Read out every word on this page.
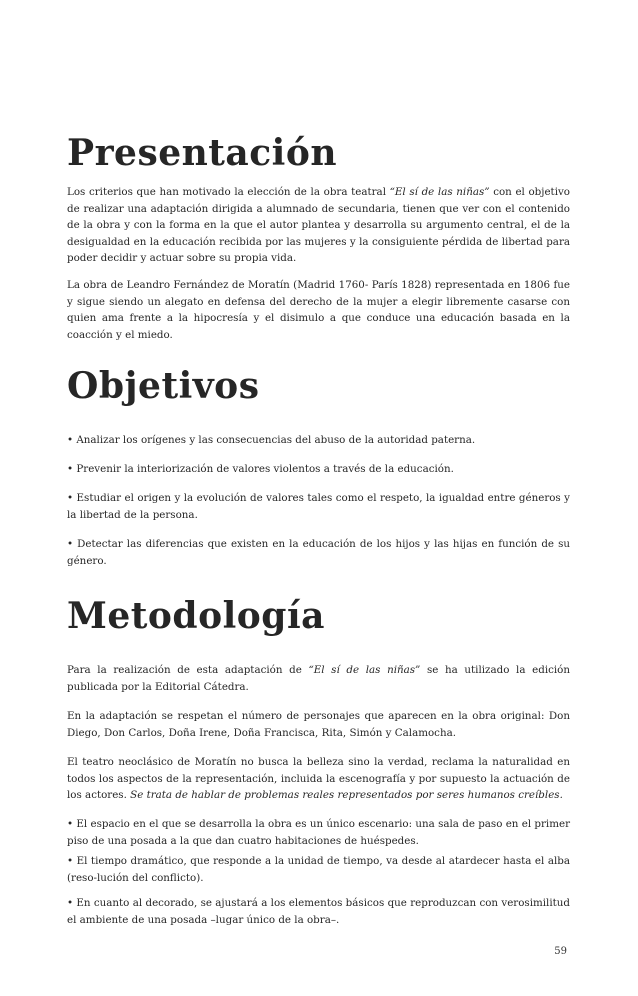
Presentación

Los criterios que han motivado la elección de la obra teatral “El sí de las niñas” con el objetivo de realizar una adaptación dirigida a alumnado de secundaria, tienen que ver con el contenido de la obra y con la forma en la que el autor plantea y desarrolla su argumento central, el de la desigualdad en la educación recibida por las mujeres y la consiguiente pérdida de libertad para poder decidir y actuar sobre su propia vida.

La obra de Leandro Fernández de Moratín (Madrid 1760- París 1828) representada en 1806 fue y sigue siendo un alegato en defensa del derecho de la mujer a elegir libremente casarse con quien ama frente a la hipocresía y el disimulo a que conduce una educación basada en la coacción y el miedo.

Objetivos

• Analizar los orígenes y las consecuencias del abuso de la autoridad paterna.

• Prevenir la interiorización de valores violentos a través de la educación.

• Estudiar el origen y la evolución de valores tales como el respeto, la igualdad entre géneros y la libertad de la persona.

• Detectar las diferencias que existen en la educación de los hijos y las hijas en función de su género.

Metodología

Para la realización de esta adaptación de “El sí de las niñas” se ha utilizado la edición publicada por la Editorial Cátedra.

En la adaptación se respetan el número de personajes que aparecen en la obra original: Don Diego, Don Carlos, Doña Irene, Doña Francisca, Rita, Simón y Calamocha.

El teatro neoclásico de Moratín no busca la belleza sino la verdad, reclama la naturalidad en todos los aspectos de la representación, incluida la escenografía y por supuesto la actuación de los actores. Se trata de hablar de problemas reales representados por seres humanos creíbles.

• El espacio en el que se desarrolla la obra es un único escenario: una sala de paso en el primer piso de una posada a la que dan cuatro habitaciones de huéspedes.

• El tiempo dramático, que responde a la unidad de tiempo, va desde al atardecer hasta el alba (reso-lución del conflicto).

• En cuanto al decorado, se ajustará a los elementos básicos que reproduzcan con verosimilitud el ambiente de una posada –lugar único de la obra–.

59
